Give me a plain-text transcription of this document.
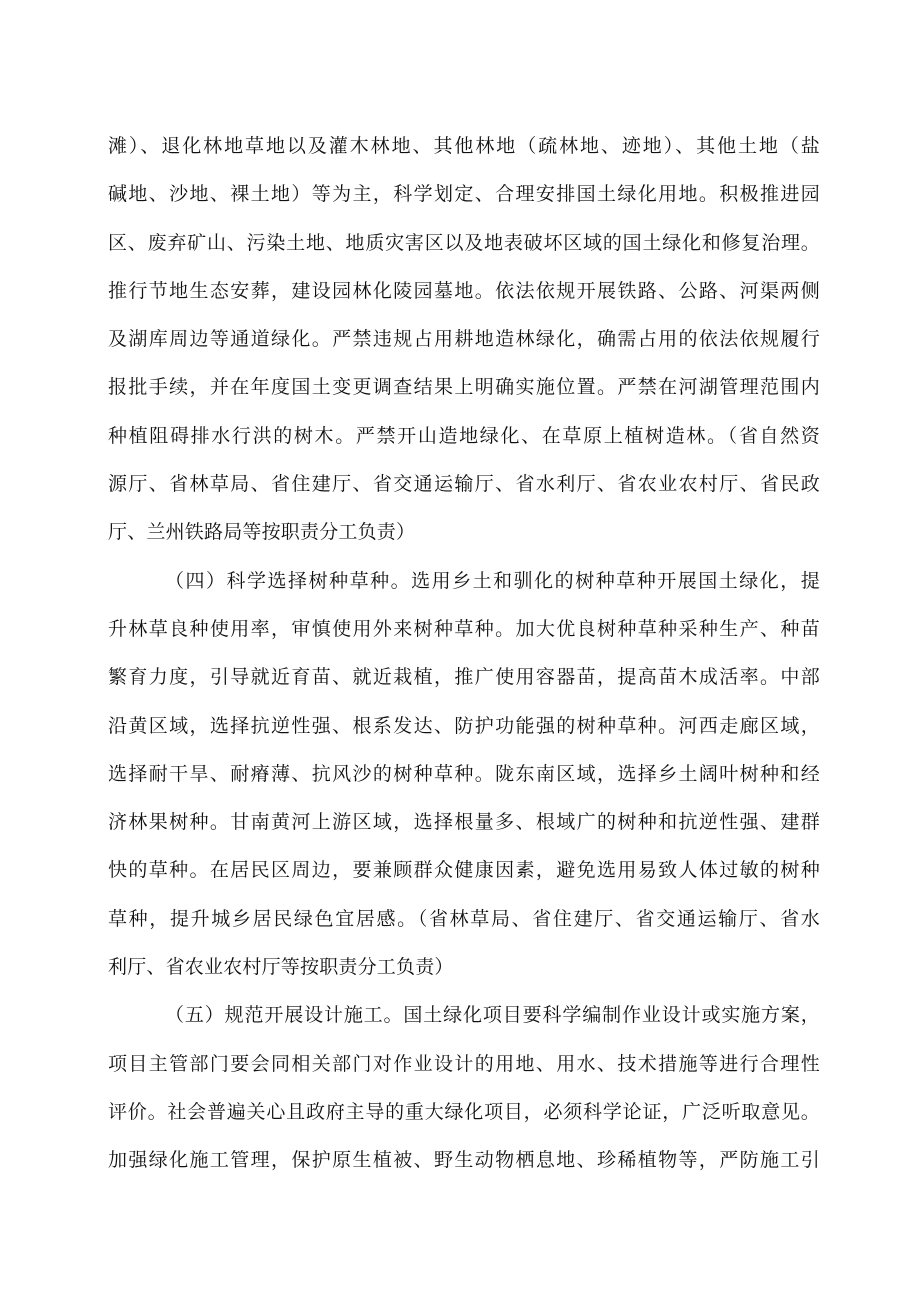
滩）、退化林地草地以及灌木林地、其他林地（疏林地、迹地）、其他土地（盐
碱地、沙地、裸土地）等为主，科学划定、合理安排国土绿化用地。积极推进园
区、废弃矿山、污染土地、地质灾害区以及地表破坏区域的国土绿化和修复治理。
推行节地生态安葬，建设园林化陵园墓地。依法依规开展铁路、公路、河渠两侧
及湖库周边等通道绿化。严禁违规占用耕地造林绿化，确需占用的依法依规履行
报批手续，并在年度国土变更调查结果上明确实施位置。严禁在河湖管理范围内
种植阻碍排水行洪的树木。严禁开山造地绿化、在草原上植树造林。（省自然资
源厅、省林草局、省住建厅、省交通运输厅、省水利厅、省农业农村厅、省民政
厅、兰州铁路局等按职责分工负责）
（四）科学选择树种草种。选用乡土和驯化的树种草种开展国土绿化，提
升林草良种使用率，审慎使用外来树种草种。加大优良树种草种采种生产、种苗
繁育力度，引导就近育苗、就近栽植，推广使用容器苗，提高苗木成活率。中部
沿黄区域，选择抗逆性强、根系发达、防护功能强的树种草种。河西走廊区域，
选择耐干旱、耐瘠薄、抗风沙的树种草种。陇东南区域，选择乡土阔叶树种和经
济林果树种。甘南黄河上游区域，选择根量多、根域广的树种和抗逆性强、建群
快的草种。在居民区周边，要兼顾群众健康因素，避免选用易致人体过敏的树种
草种，提升城乡居民绿色宜居感。（省林草局、省住建厅、省交通运输厅、省水
利厅、省农业农村厅等按职责分工负责）
（五）规范开展设计施工。国土绿化项目要科学编制作业设计或实施方案，
项目主管部门要会同相关部门对作业设计的用地、用水、技术措施等进行合理性
评价。社会普遍关心且政府主导的重大绿化项目，必须科学论证，广泛听取意见。
加强绿化施工管理，保护原生植被、野生动物栖息地、珍稀植物等，严防施工引
